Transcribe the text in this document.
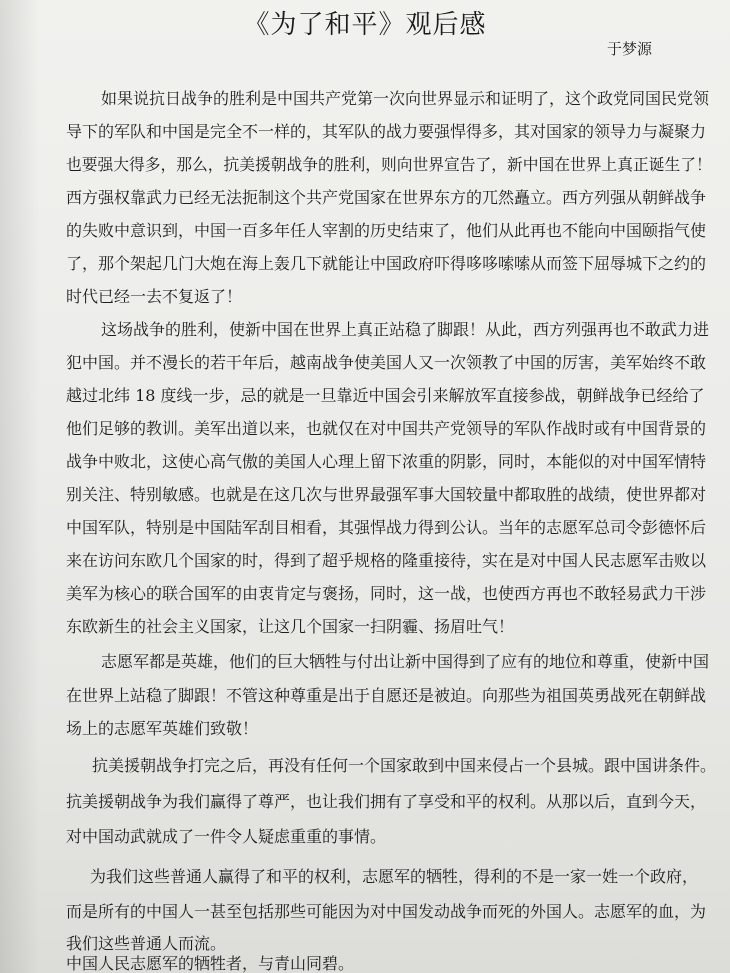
《为了和平》观后感
于梦源
如果说抗日战争的胜利是中国共产党第一次向世界显示和证明了，这个政党同国民党领
导下的军队和中国是完全不一样的，其军队的战力要强悍得多，其对国家的领导力与凝聚力
也要强大得多，那么，抗美援朝战争的胜利，则向世界宣告了，新中国在世界上真正诞生了！
西方强权靠武力已经无法扼制这个共产党国家在世界东方的兀然矗立。西方列强从朝鲜战争
的失败中意识到，中国一百多年任人宰割的历史结束了，他们从此再也不能向中国颐指气使
了，那个架起几门大炮在海上轰几下就能让中国政府吓得哆哆嗦嗦从而签下屈辱城下之约的
时代已经一去不复返了！
这场战争的胜利，使新中国在世界上真正站稳了脚跟！从此，西方列强再也不敢武力进
犯中国。并不漫长的若干年后，越南战争使美国人又一次领教了中国的厉害，美军始终不敢
越过北纬 18 度线一步，忌的就是一旦靠近中国会引来解放军直接参战，朝鲜战争已经给了
他们足够的教训。美军出道以来，也就仅在对中国共产党领导的军队作战时或有中国背景的
战争中败北，这使心高气傲的美国人心理上留下浓重的阴影，同时，本能似的对中国军情特
别关注、特别敏感。也就是在这几次与世界最强军事大国较量中都取胜的战绩，使世界都对
中国军队，特别是中国陆军刮目相看，其强悍战力得到公认。当年的志愿军总司令彭德怀后
来在访问东欧几个国家的时，得到了超乎规格的隆重接待，实在是对中国人民志愿军击败以
美军为核心的联合国军的由衷肯定与褒扬，同时，这一战，也使西方再也不敢轻易武力干涉
东欧新生的社会主义国家，让这几个国家一扫阴霾、扬眉吐气！
志愿军都是英雄，他们的巨大牺牲与付出让新中国得到了应有的地位和尊重，使新中国
在世界上站稳了脚跟！不管这种尊重是出于自愿还是被迫。向那些为祖国英勇战死在朝鲜战
场上的志愿军英雄们致敬！
抗美援朝战争打完之后，再没有任何一个国家敢到中国来侵占一个县城。跟中国讲条件。
抗美援朝战争为我们赢得了尊严，也让我们拥有了享受和平的权利。从那以后，直到今天，
对中国动武就成了一件令人疑虑重重的事情。
为我们这些普通人赢得了和平的权利，志愿军的牺牲，得利的不是一家一姓一个政府，
而是所有的中国人一甚至包括那些可能因为对中国发动战争而死的外国人。志愿军的血，为
我们这些普通人而流。
中国人民志愿军的牺牲者，与青山同碧。
